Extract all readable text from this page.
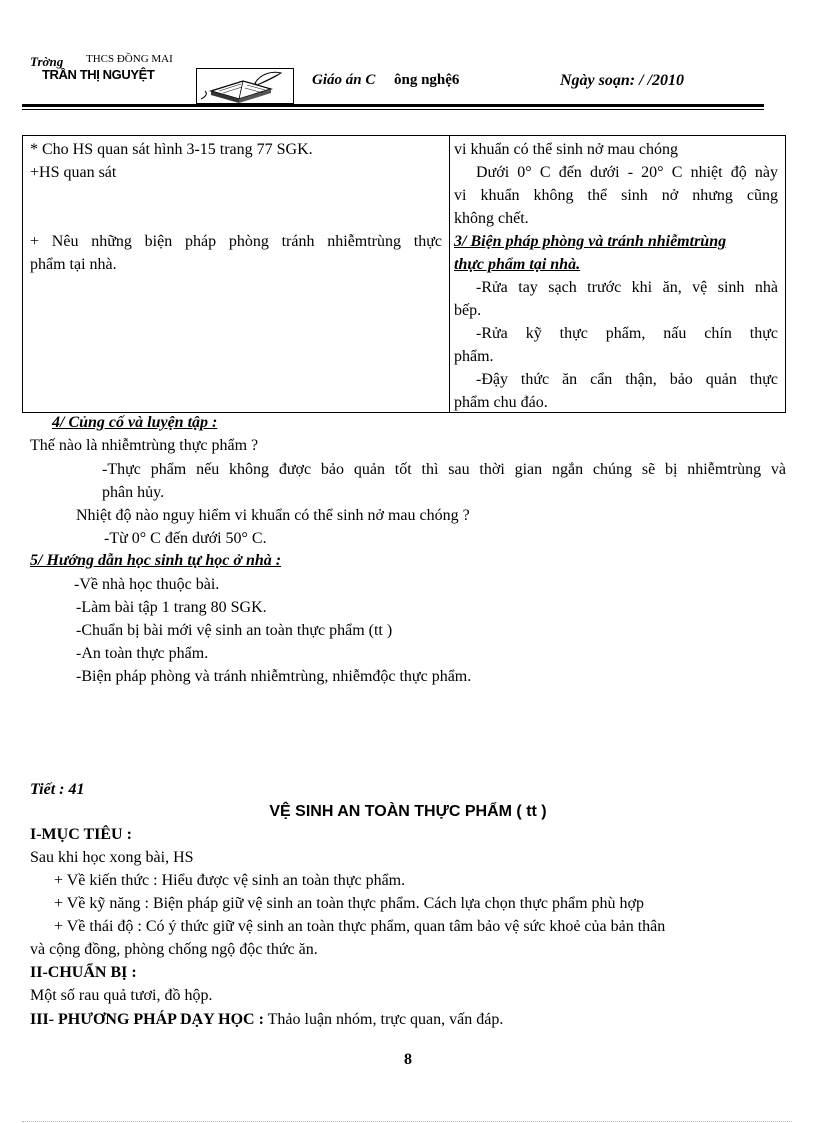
Trờng THCS ĐỒNG MAI
TRẦN THỊ NGUYỆT	Giáo án C ông nghệ6	Ngày soạn: / /2010
* Cho HS quan sát hình 3-15 trang 77 SGK.
+HS quan sát
+ Nêu những biện pháp phòng tránh nhiễmtrùng thực
phẩm tại nhà.
vi khuẩn có thể sinh nở mau chóng
Dưới 0° C đến dưới - 20° C nhiệt độ này
vi khuẩn không thể sinh nở nhưng cũng
không chết.
3/ Biện pháp phòng và tránh nhiễmtrùng
thực phẩm tại nhà.
-Rửa tay sạch trước khi ăn, vệ sinh nhà
bếp.
-Rửa kỹ thực phẩm, nấu chín thực
phẩm.
-Đậy thức ăn cẩn thận, bảo quản thực
phẩm chu đáo.
4/ Củng cố và luyện tập :
Thế nào là nhiễmtrùng thực phẩm ?
-Thực phẩm nếu không được bảo quản tốt thì sau thời gian ngắn chúng sẽ bị nhiễmtrùng và
phân hủy.
Nhiệt độ nào nguy hiểm vi khuẩn có thể sinh nở mau chóng ?
-Từ 0° C đến dưới 50° C.
5/ Hướng dẫn học sinh tự học ở nhà :
-Về nhà học thuộc bài.
-Làm bài tập 1 trang 80 SGK.
-Chuẩn bị bài mới vệ sinh an toàn thực phẩm (tt )
-An toàn thực phẩm.
-Biện pháp phòng và tránh nhiễmtrùng, nhiễmđộc thực phẩm.
Tiết : 41
VỆ SINH AN TOÀN THỰC PHẨM ( tt )
I-MỤC TIÊU :
Sau khi học xong bài, HS
+ Về kiến thức : Hiểu được vệ sinh an toàn thực phẩm.
+ Về kỹ năng : Biện pháp giữ vệ sinh an toàn thực phẩm. Cách lựa chọn thực phẩm phù hợp
+ Về thái độ : Có ý thức giữ vệ sinh an toàn thực phẩm, quan tâm bảo vệ sức khoẻ của bản thân
và cộng đồng, phòng chống ngộ độc thức ăn.
II-CHUẨN BỊ :
Một số rau quả tươi, đồ hộp.
III- PHƯƠNG PHÁP DẠY HỌC : Thảo luận nhóm, trực quan, vấn đáp.
8
